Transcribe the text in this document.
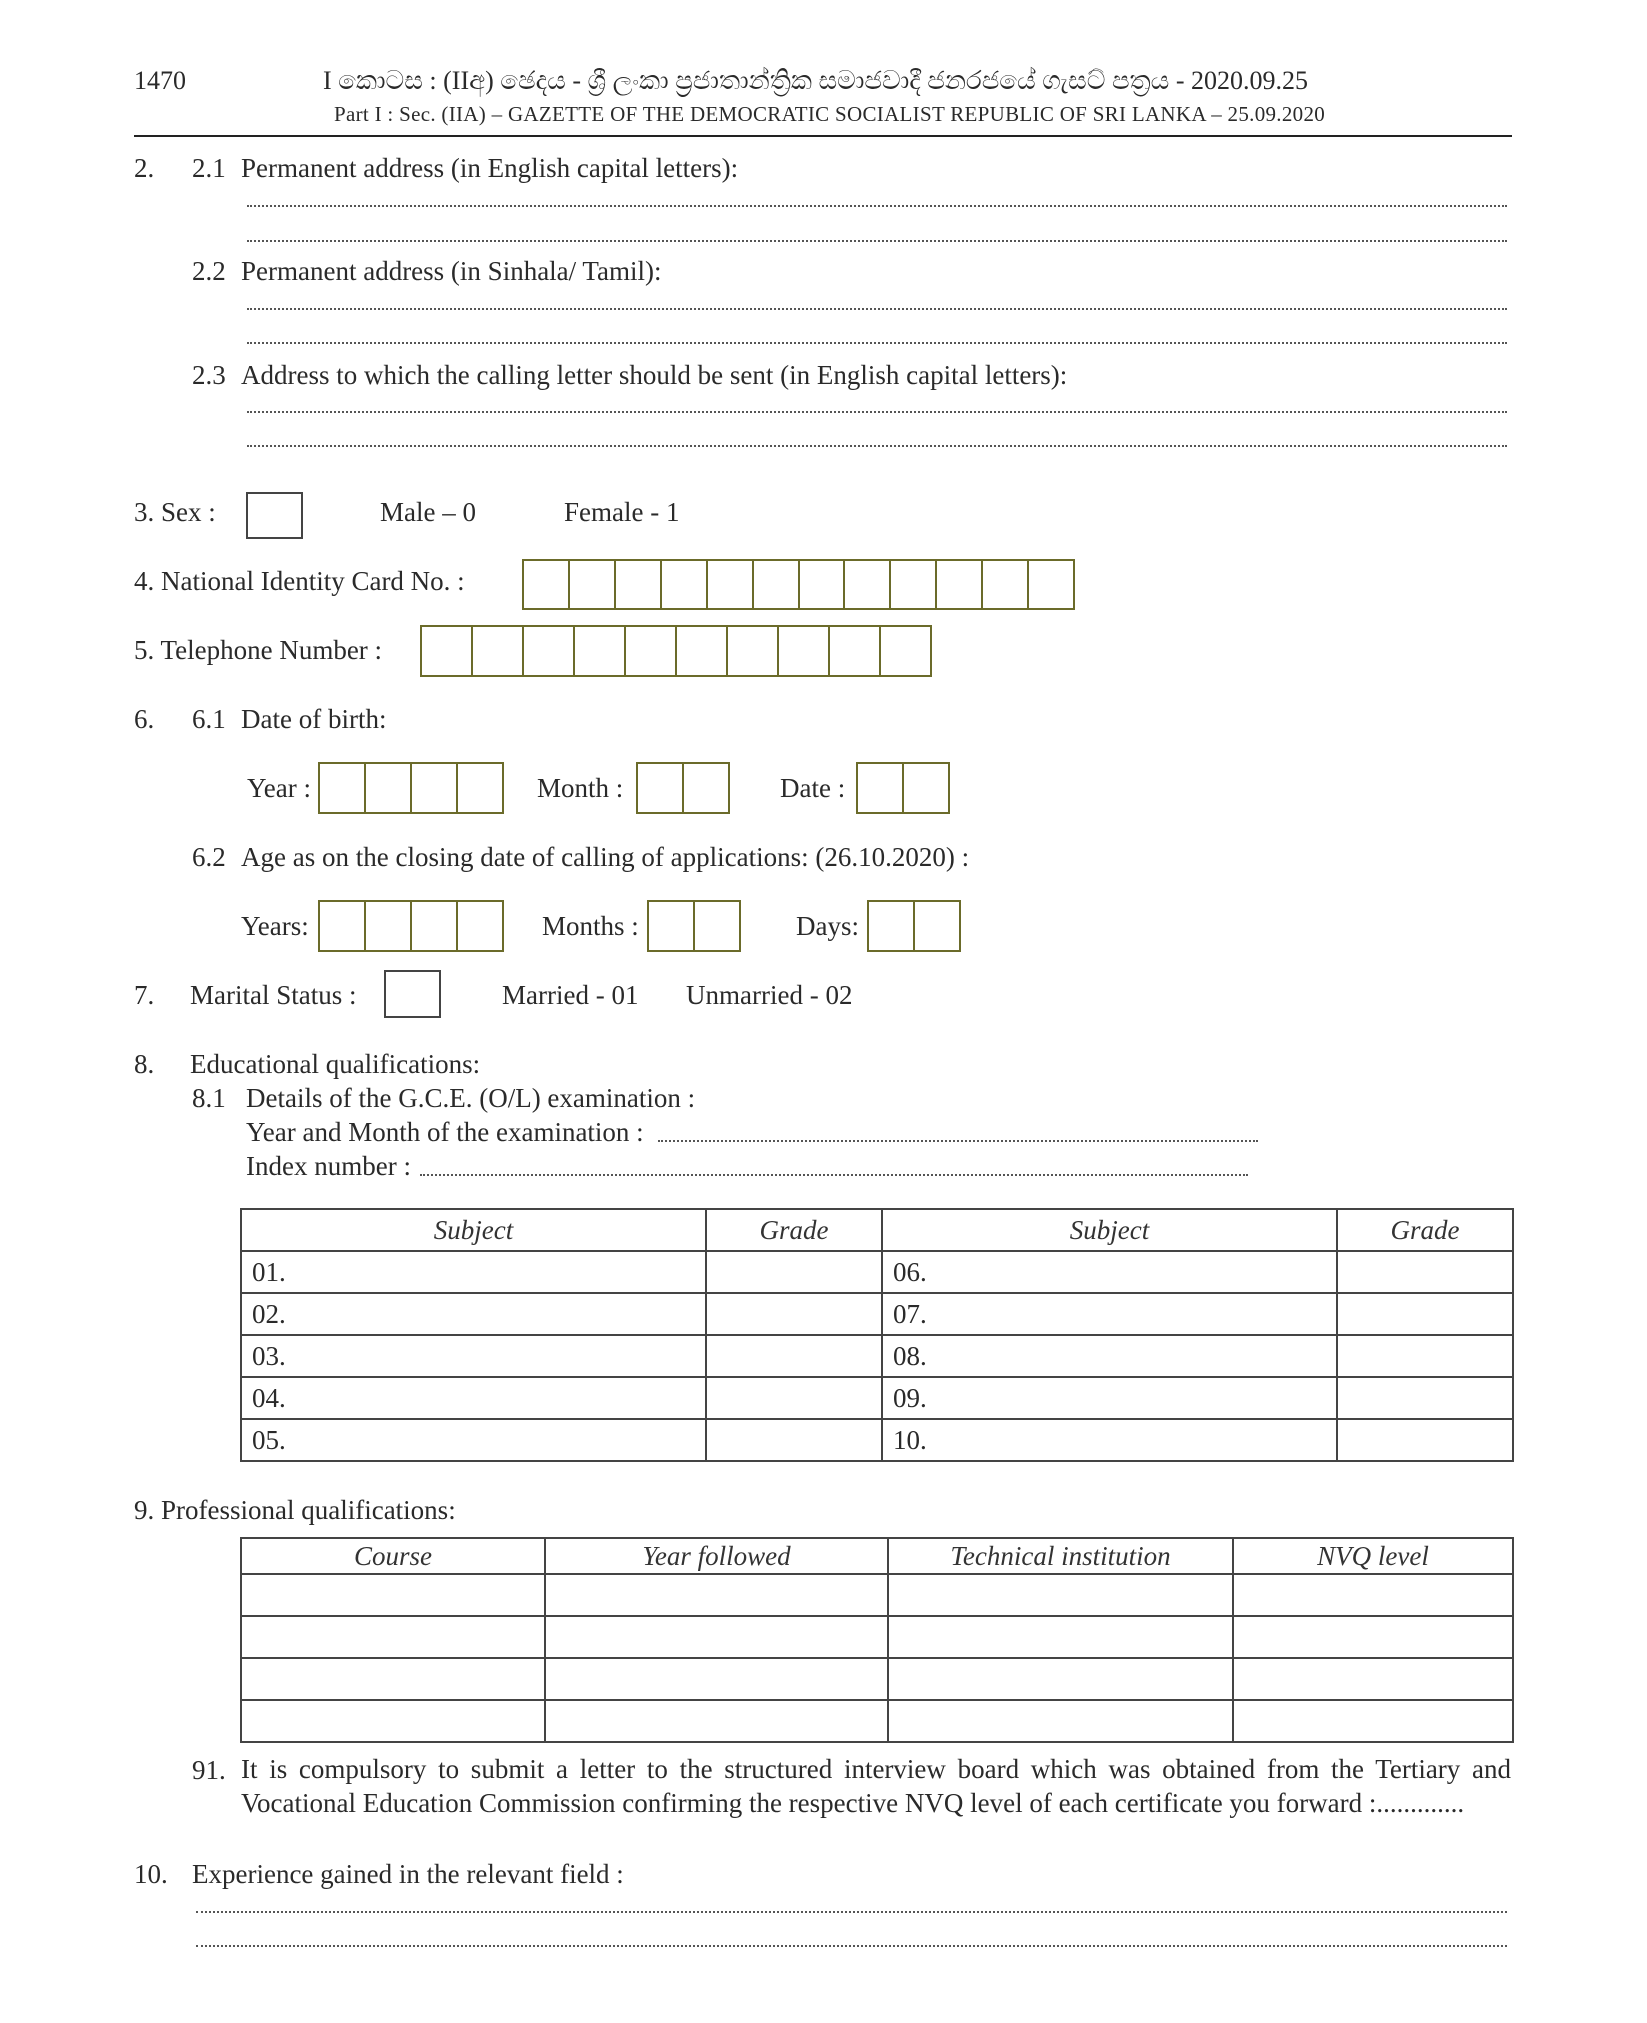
1470	I කොටස : (IIඅ) ඡෙදය - ශ්‍රී ලංකා ප්‍රජාතාන්ත්‍රික සමාජවාදී ජනරජයේ ගැසට් පත්‍රය - 2020.09.25
Part I : Sec. (IIA) – GAZETTE OF THE DEMOCRATIC SOCIALIST REPUBLIC OF SRI LANKA – 25.09.2020
2. 2.1 Permanent address (in English capital letters):
2.2 Permanent address (in Sinhala/ Tamil):
2.3 Address to which the calling letter should be sent (in English capital letters):
3. Sex :	Male – 0	Female - 1
4. National Identity Card No. :
5. Telephone Number :
6. 6.1 Date of birth:
Year :	Month :	Date :
6.2 Age as on the closing date of calling of applications: (26.10.2020) :
Years:	Months :	Days:
7. Marital Status :	Married - 01 Unmarried - 02
8. Educational qualifications:
8.1 Details of the G.C.E. (O/L) examination :
Year and Month of the examination :
Index number :
Subject	Grade	Subject	Grade
01.		06.	
02.		07.	
03.		08.	
04.		09.	
05.		10.	
9. Professional qualifications:
Course	Year followed	Technical institution	NVQ level

91. It is compulsory to submit a letter to the structured interview board which was obtained from the Tertiary and Vocational Education Commission confirming the respective NVQ level of each certificate you forward :.............
10. Experience gained in the relevant field :
